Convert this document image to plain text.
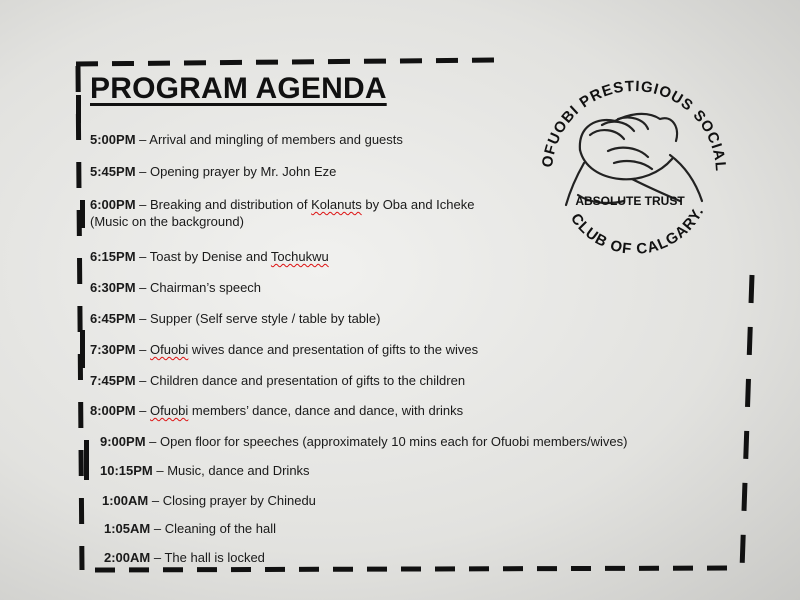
PROGRAM AGENDA
OFUOBI PRESTIGIOUS SOCIAL
CLUB OF CALGARY.
ABSOLUTE TRUST
5:00PM – Arrival and mingling of members and guests
5:45PM – Opening prayer by Mr. John Eze
6:00PM – Breaking and distribution of Kolanuts by Oba and Icheke
(Music on the background)
6:15PM – Toast by Denise and Tochukwu
6:30PM – Chairman’s speech
6:45PM – Supper (Self serve style / table by table)
7:30PM – Ofuobi wives dance and presentation of gifts to the wives
7:45PM – Children dance and presentation of gifts to the children
8:00PM – Ofuobi members’ dance, dance and dance, with drinks
9:00PM – Open floor for speeches (approximately 10 mins each for Ofuobi members/wives)
10:15PM – Music, dance and Drinks
1:00AM – Closing prayer by Chinedu
1:05AM – Cleaning of the hall
2:00AM – The hall is locked
